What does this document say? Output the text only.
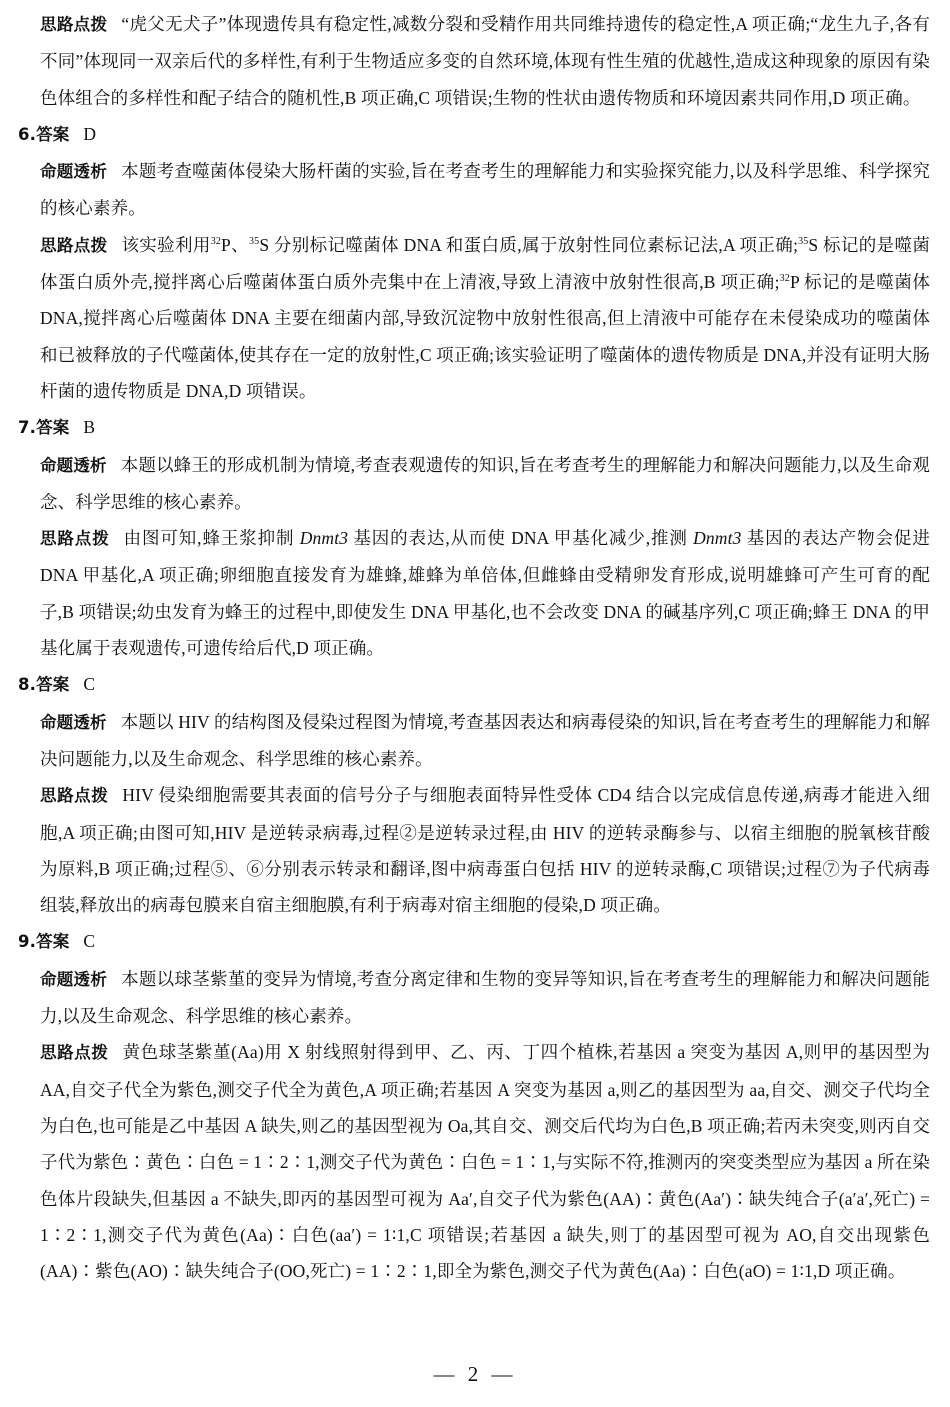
思路点拨 “虎父无犬子”体现遗传具有稳定性,减数分裂和受精作用共同维持遗传的稳定性,A 项正确;“龙生九子,各有不同”体现同一双亲后代的多样性,有利于生物适应多变的自然环境,体现有性生殖的优越性,造成这种现象的原因有染色体组合的多样性和配子结合的随机性,B 项正确,C 项错误;生物的性状由遗传物质和环境因素共同作用,D 项正确。

6.答案 D

命题透析 本题考查噬菌体侵染大肠杆菌的实验,旨在考查考生的理解能力和实验探究能力,以及科学思维、科学探究的核心素养。

思路点拨 该实验利用$^{32}$P、$^{35}$S 分别标记噬菌体 DNA 和蛋白质,属于放射性同位素标记法,A 项正确;$^{35}$S 标记的是噬菌体蛋白质外壳,搅拌离心后噬菌体蛋白质外壳集中在上清液,导致上清液中放射性很高,B 项正确;$^{32}$P 标记的是噬菌体 DNA,搅拌离心后噬菌体 DNA 主要在细菌内部,导致沉淀物中放射性很高,但上清液中可能存在未侵染成功的噬菌体和已被释放的子代噬菌体,使其存在一定的放射性,C 项正确;该实验证明了噬菌体的遗传物质是 DNA,并没有证明大肠杆菌的遗传物质是 DNA,D 项错误。

7.答案 B

命题透析 本题以蜂王的形成机制为情境,考查表观遗传的知识,旨在考查考生的理解能力和解决问题能力,以及生命观念、科学思维的核心素养。

思路点拨 由图可知,蜂王浆抑制 Dnmt3 基因的表达,从而使 DNA 甲基化减少,推测 Dnmt3 基因的表达产物会促进 DNA 甲基化,A 项正确;卵细胞直接发育为雄蜂,雄蜂为单倍体,但雌蜂由受精卵发育形成,说明雄蜂可产生可育的配子,B 项错误;幼虫发育为蜂王的过程中,即使发生 DNA 甲基化,也不会改变 DNA 的碱基序列,C 项正确;蜂王 DNA 的甲基化属于表观遗传,可遗传给后代,D 项正确。

8.答案 C

命题透析 本题以 HIV 的结构图及侵染过程图为情境,考查基因表达和病毒侵染的知识,旨在考查考生的理解能力和解决问题能力,以及生命观念、科学思维的核心素养。

思路点拨 HIV 侵染细胞需要其表面的信号分子与细胞表面特异性受体 CD4 结合以完成信息传递,病毒才能进入细胞,A 项正确;由图可知,HIV 是逆转录病毒,过程②是逆转录过程,由 HIV 的逆转录酶参与、以宿主细胞的脱氧核苷酸为原料,B 项正确;过程⑤、⑥分别表示转录和翻译,图中病毒蛋白包括 HIV 的逆转录酶,C 项错误;过程⑦为子代病毒组装,释放出的病毒包膜来自宿主细胞膜,有利于病毒对宿主细胞的侵染,D 项正确。

9.答案 C

命题透析 本题以球茎紫堇的变异为情境,考查分离定律和生物的变异等知识,旨在考查考生的理解能力和解决问题能力,以及生命观念、科学思维的核心素养。

思路点拨 黄色球茎紫堇(Aa)用 X 射线照射得到甲、乙、丙、丁四个植株,若基因 a 突变为基因 A,则甲的基因型为 AA,自交子代全为紫色,测交子代全为黄色,A 项正确;若基因 A 突变为基因 a,则乙的基因型为 aa,自交、测交子代均全为白色,也可能是乙中基因 A 缺失,则乙的基因型视为 Oa,其自交、测交后代均为白色,B 项正确;若丙未突变,则丙自交子代为紫色∶黄色∶白色 = 1∶2∶1,测交子代为黄色∶白色 = 1∶1,与实际不符,推测丙的突变类型应为基因 a 所在染色体片段缺失,但基因 a 不缺失,即丙的基因型可视为 Aa′,自交子代为紫色(AA)∶黄色(Aa′)∶缺失纯合子(a′a′,死亡) = 1∶2∶1,测交子代为黄色(Aa)∶白色(aa′) = 1∶1,C 项错误;若基因 a 缺失,则丁的基因型可视为 AO,自交出现紫色(AA)∶紫色(AO)∶缺失纯合子(OO,死亡) = 1∶2∶1,即全为紫色,测交子代为黄色(Aa)∶白色(aO) = 1∶1,D 项正确。

— 2 —
